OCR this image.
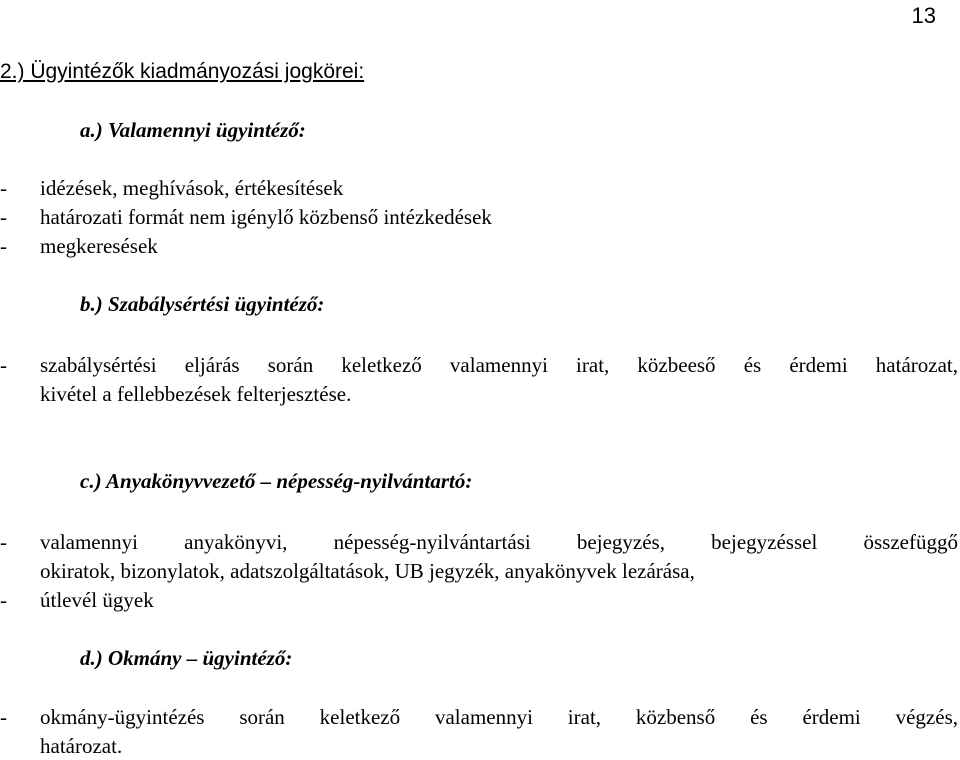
13
2.) Ügyintézők kiadmányozási jogkörei:
a.) Valamennyi ügyintéző:
- idézések, meghívások, értékesítések
- határozati formát nem igénylő közbenső intézkedések
- megkeresések
b.) Szabálysértési ügyintéző:
- szabálysértési eljárás során keletkező valamennyi irat, közbeeső és érdemi határozat,
kivétel a fellebbezések felterjesztése.
c.) Anyakönyvvezető – népesség-nyilvántartó:
- valamennyi anyakönyvi, népesség-nyilvántartási bejegyzés, bejegyzéssel összefüggő
okiratok, bizonylatok, adatszolgáltatások, UB jegyzék, anyakönyvek lezárása,
- útlevél ügyek
d.) Okmány – ügyintéző:
- okmány-ügyintézés során keletkező valamennyi irat, közbenső és érdemi végzés,
határozat.
